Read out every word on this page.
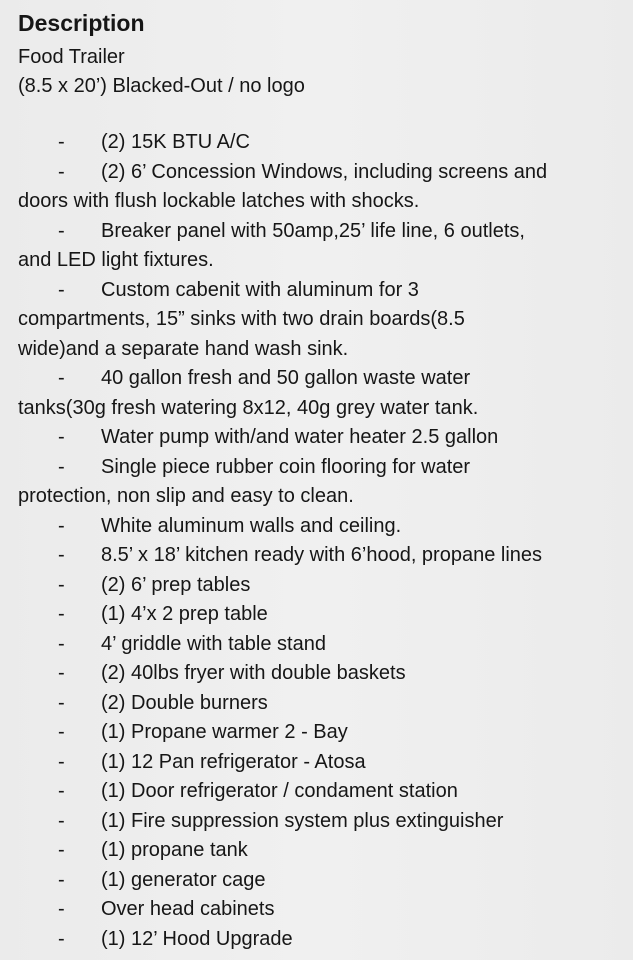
Description
Food Trailer
(8.5 x 20’) Blacked-Out / no logo
- (2) 15K BTU A/C
- (2) 6’ Concession Windows, including screens and
doors with flush lockable latches with shocks.
- Breaker panel with 50amp,25’ life line, 6 outlets,
and LED light fixtures.
- Custom cabenit with aluminum for 3
compartments, 15” sinks with two drain boards(8.5
wide)and a separate hand wash sink.
- 40 gallon fresh and 50 gallon waste water
tanks(30g fresh watering 8x12, 40g grey water tank.
- Water pump with/and water heater 2.5 gallon
- Single piece rubber coin flooring for water
protection, non slip and easy to clean.
- White aluminum walls and ceiling.
- 8.5’ x 18’ kitchen ready with 6’hood, propane lines
- (2) 6’ prep tables
- (1) 4’x 2 prep table
- 4’ griddle with table stand
- (2) 40lbs fryer with double baskets
- (2) Double burners
- (1) Propane warmer 2 - Bay
- (1) 12 Pan refrigerator - Atosa
- (1) Door refrigerator / condament station
- (1) Fire suppression system plus extinguisher
- (1) propane tank
- (1) generator cage
- Over head cabinets
- (1) 12’ Hood Upgrade
